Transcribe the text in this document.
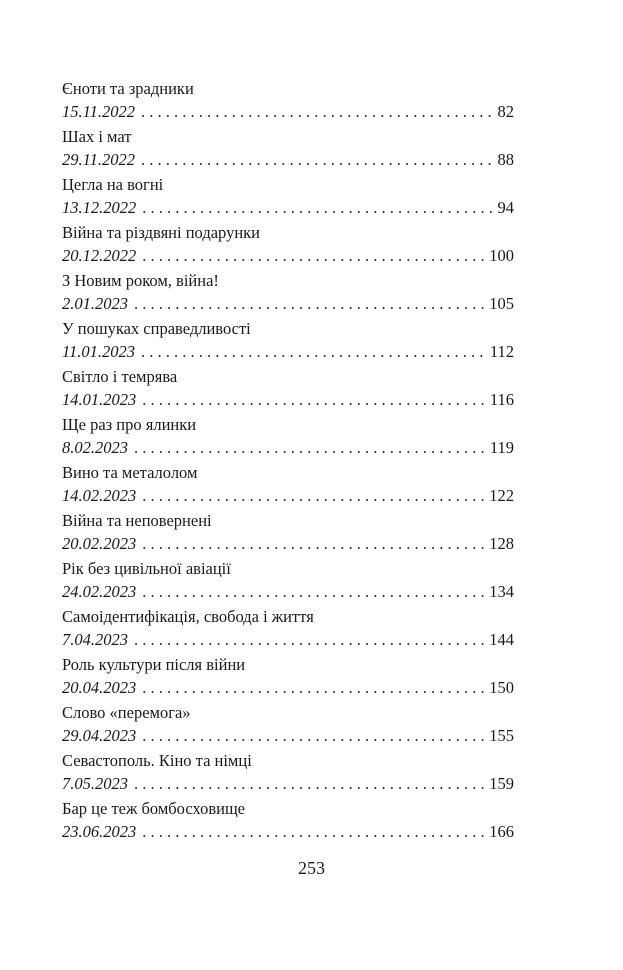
Єноти та зрадники
15.11.2022 . . .	82
Шах і мат
29.11.2022 . . .	88
Цегла на вогні
13.12.2022 . . .	94
Війна та різдвяні подарунки
20.12.2022 . . .	100
З Новим роком, війна!
2.01.2023 . . .	105
У пошуках справедливості
11.01.2023 . . .	112
Світло і темрява
14.01.2023 . . .	116
Ще раз про ялинки
8.02.2023 . . .	119
Вино та металолом
14.02.2023 . . .	122
Війна та неповернені
20.02.2023 . . .	128
Рік без цивільної авіації
24.02.2023 . . .	134
Самоідентифікація, свобода і життя
7.04.2023 . . .	144
Роль культури після війни
20.04.2023 . . .	150
Слово «перемога»
29.04.2023 . . .	155
Севастополь. Кіно та німці
7.05.2023 . . .	159
Бар це теж бомбосховище
23.06.2023 . . .	166
253
